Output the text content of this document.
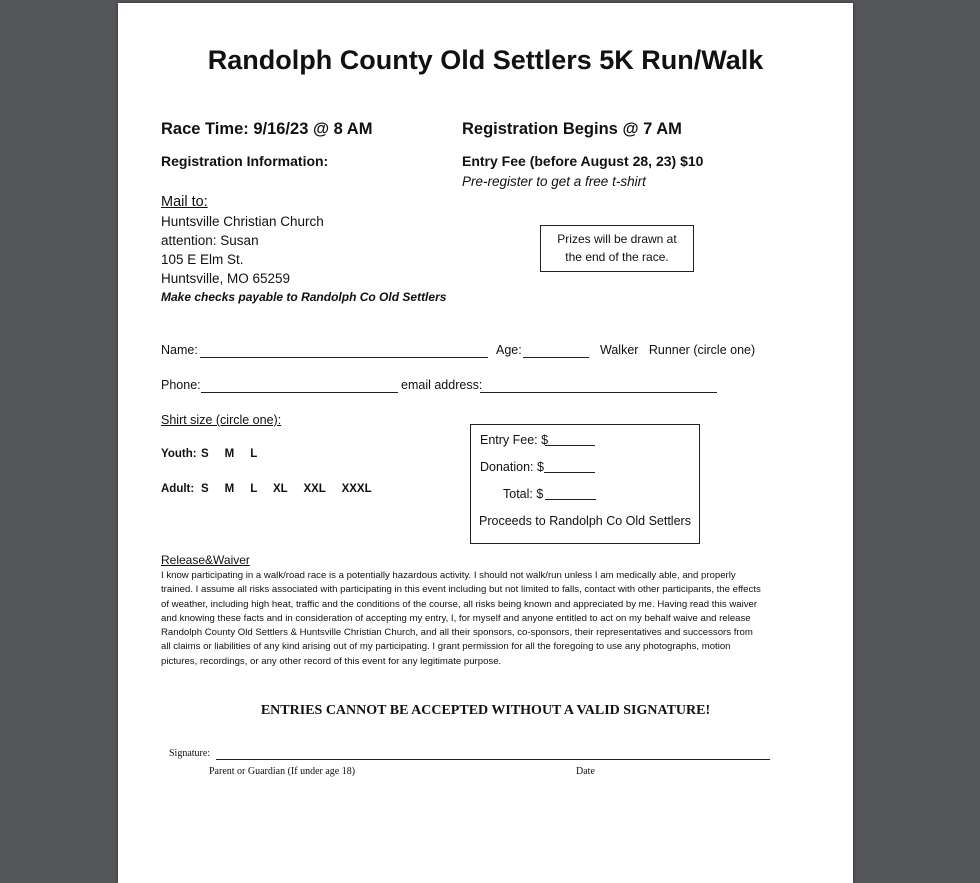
Randolph County Old Settlers 5K Run/Walk
Race Time: 9/16/23 @ 8 AM	Registration Begins @ 7 AM
Registration Information:	Entry Fee (before August 28, 23) $10
Pre-register to get a free t-shirt
Mail to:
Huntsville Christian Church
attention: Susan
105 E Elm St.
Huntsville, MO 65259
Make checks payable to Randolph Co Old Settlers
Prizes will be drawn at
the end of the race.
Name:	Age:	Walker   Runner (circle one)
Phone:	email address:
Shirt size (circle one):
Youth: S     M     L
Adult: S     M     L     XL     XXL     XXXL
Entry Fee: $
Donation: $
Total: $
Proceeds to Randolph Co Old Settlers
Release&Waiver
I know participating in a walk/road race is a potentially hazardous activity. I should not walk/run unless I am medically able, and properly trained. I assume all risks associated with participating in this event including but not limited to falls, contact with other participants, the effects of weather, including high heat, traffic and the conditions of the course, all risks being known and appreciated by me. Having read this waiver and knowing these facts and in consideration of accepting my entry, I, for myself and anyone entitled to act on my behalf waive and release Randolph County Old Settlers & Huntsville Christian Church, and all their sponsors, co-sponsors, their representatives and successors from all claims or liabilities of any kind arising out of my participating. I grant permission for all the foregoing to use any photographs, motion pictures, recordings, or any other record of this event for any legitimate purpose.
ENTRIES CANNOT BE ACCEPTED WITHOUT A VALID SIGNATURE!
Signature:
Parent or Guardian (If under age 18)	Date
